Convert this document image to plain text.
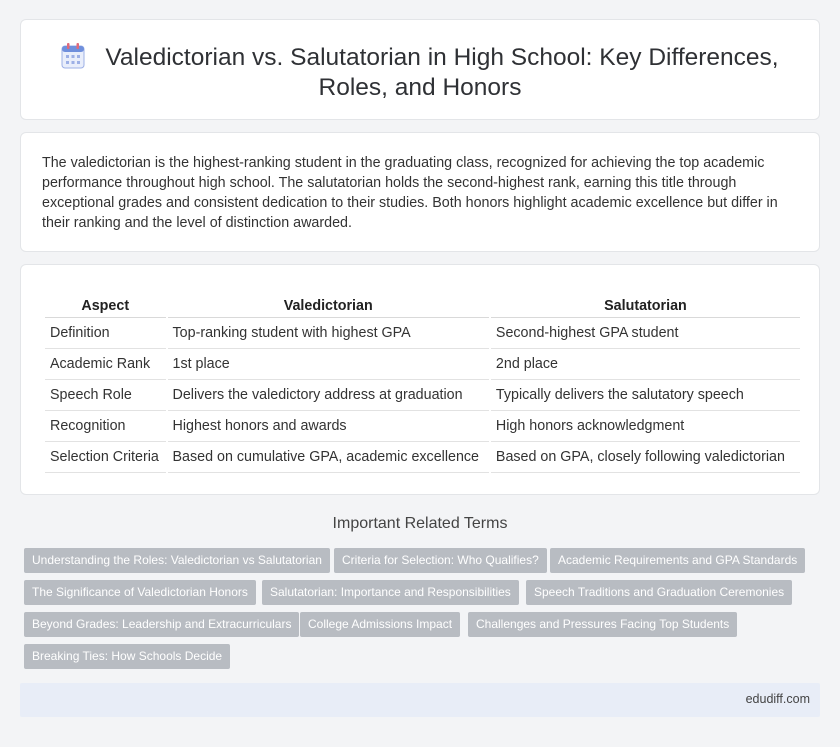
Valedictorian vs. Salutatorian in High School: Key Differences,
Roles, and Honors

The valedictorian is the highest-ranking student in the graduating class, recognized for achieving the top academic performance throughout high school. The salutatorian holds the second-highest rank, earning this title through exceptional grades and consistent dedication to their studies. Both honors highlight academic excellence but differ in their ranking and the level of distinction awarded.

Aspect	Valedictorian	Salutatorian
Definition	Top-ranking student with highest GPA	Second-highest GPA student
Academic Rank	1st place	2nd place
Speech Role	Delivers the valedictory address at graduation	Typically delivers the salutatory speech
Recognition	Highest honors and awards	High honors acknowledgment
Selection Criteria	Based on cumulative GPA, academic excellence	Based on GPA, closely following valedictorian
Important Related Terms
Understanding the Roles: Valedictorian vs Salutatorian	Criteria for Selection: Who Qualifies?	Academic Requirements and GPA Standards
The Significance of Valedictorian Honors	Salutatorian: Importance and Responsibilities	Speech Traditions and Graduation Ceremonies
Beyond Grades: Leadership and Extracurriculars	College Admissions Impact	Challenges and Pressures Facing Top Students
Breaking Ties: How Schools Decide
edudiff.com
